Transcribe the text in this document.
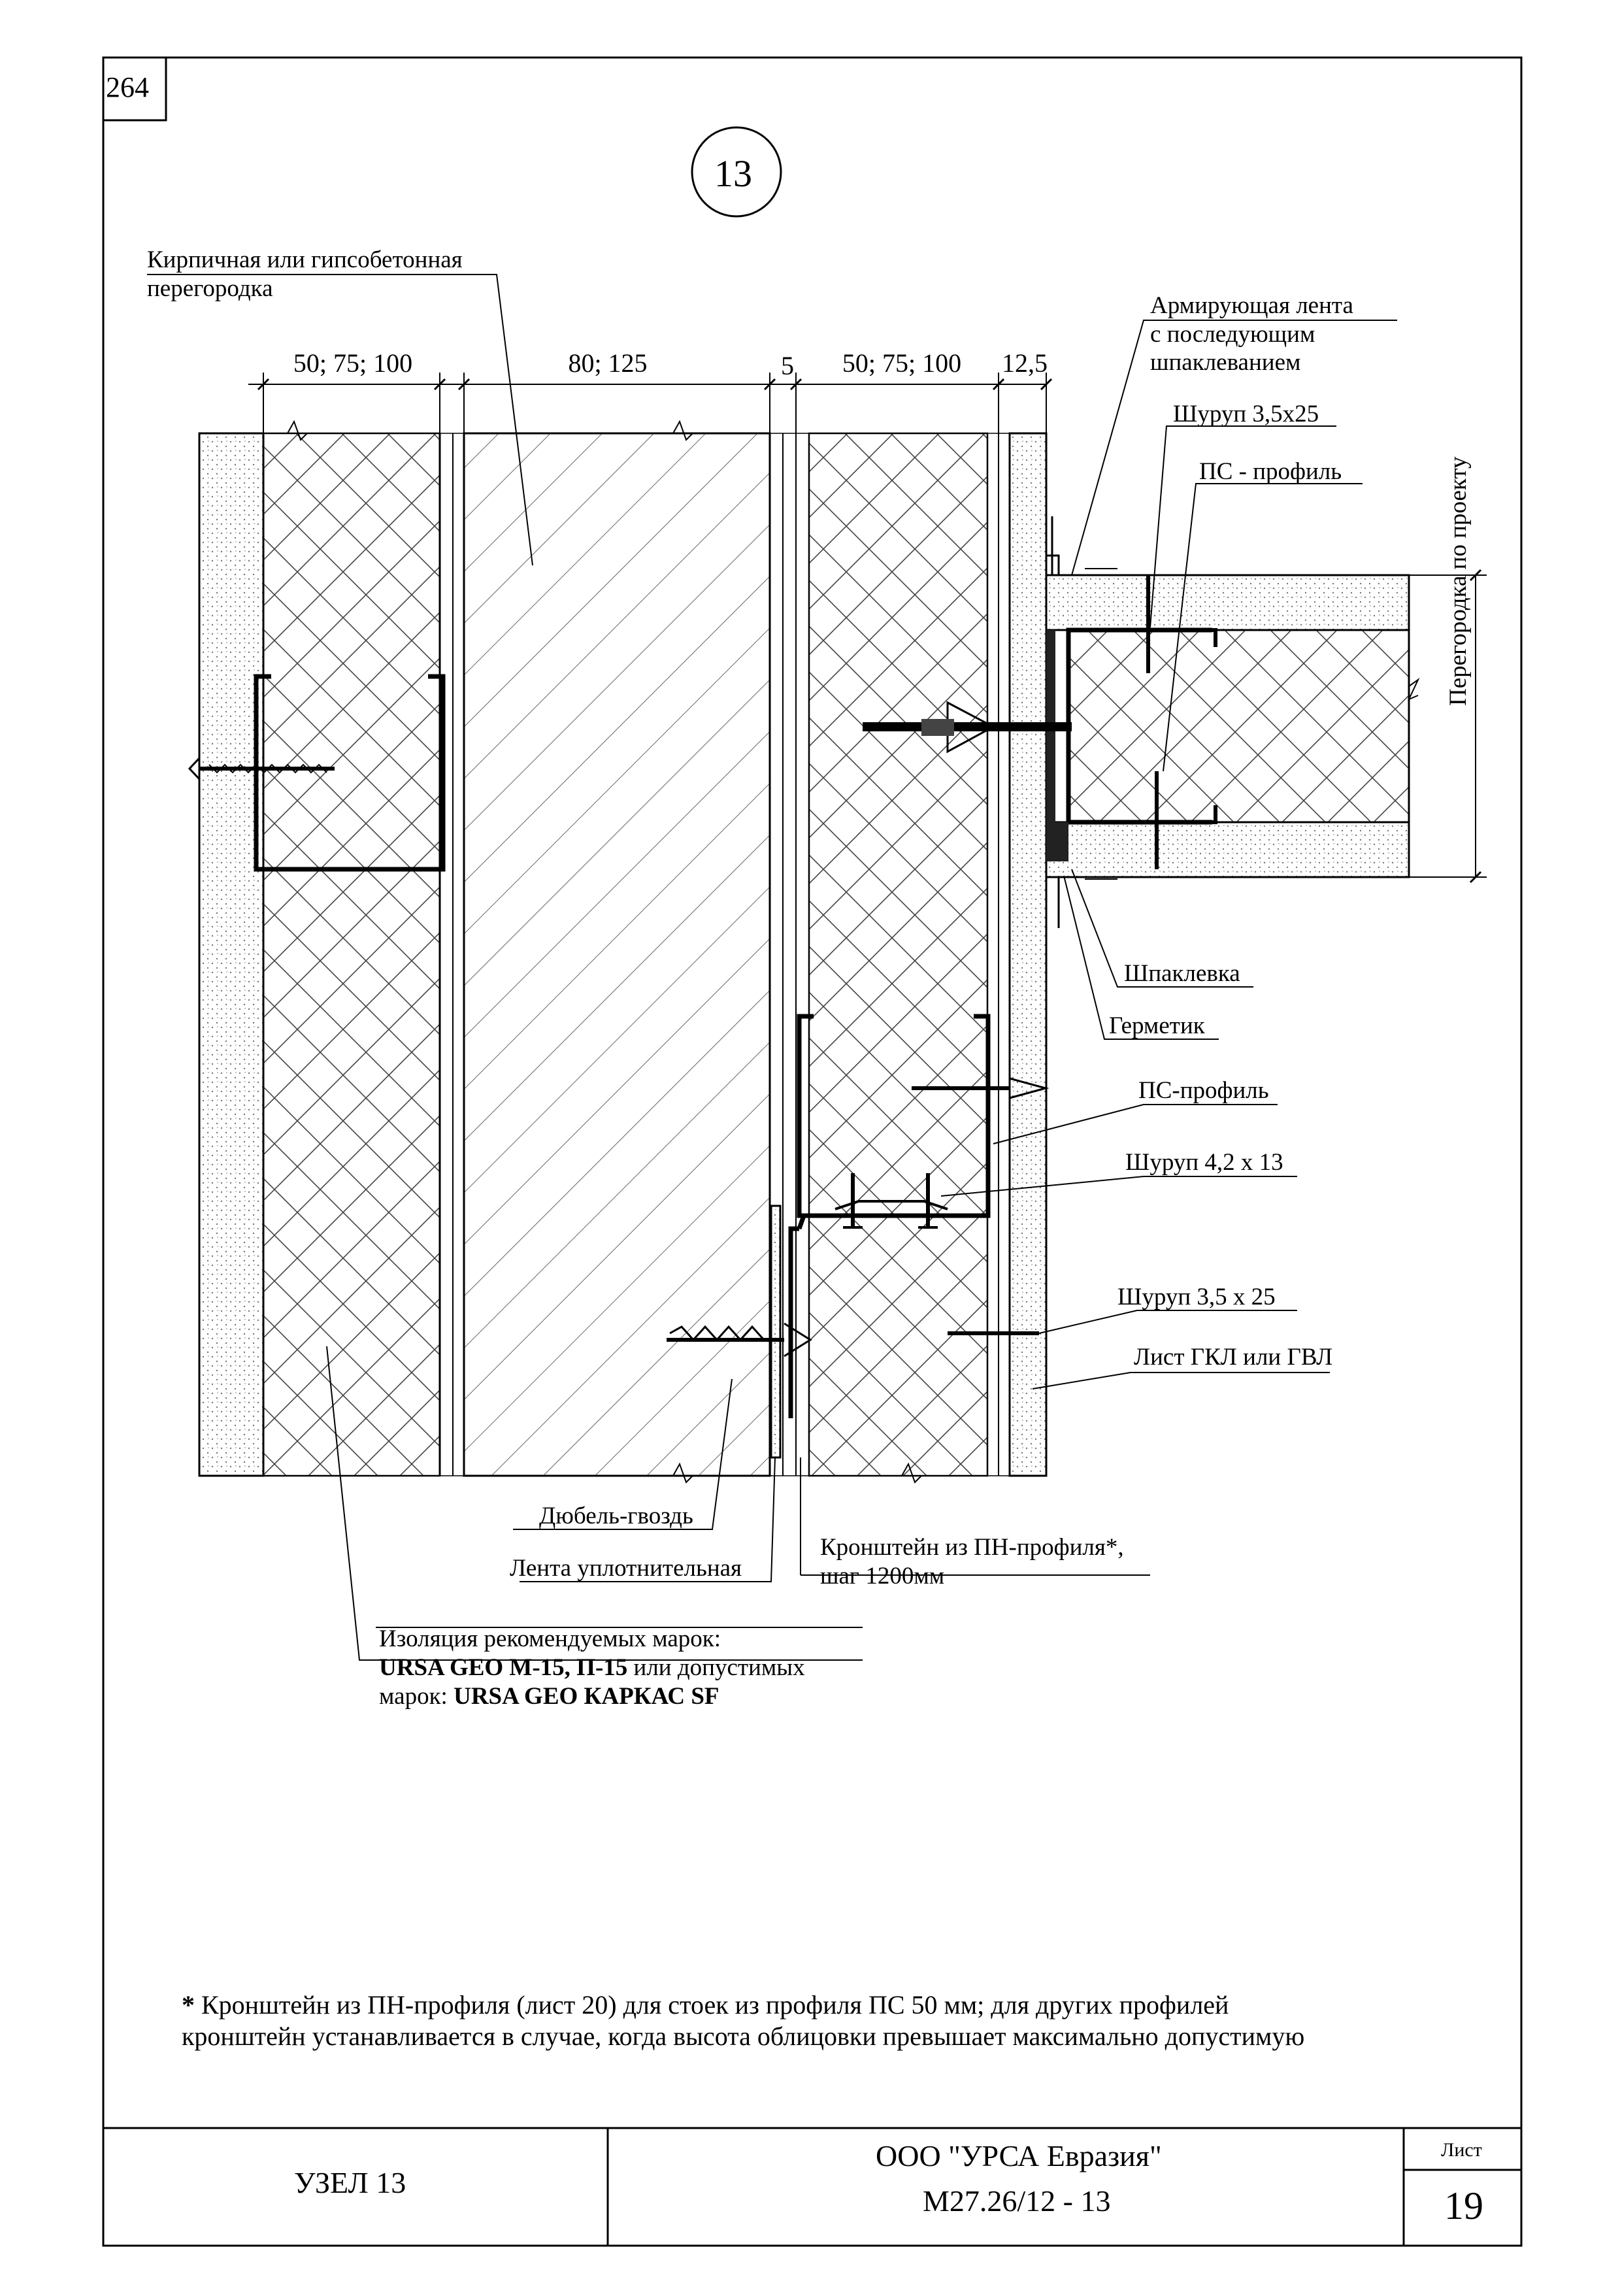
264
13
50; 75; 100	80; 125	5	50; 75; 100	12,5
Кирпичная или гипсобетонная
перегородка
Армирующая лента
с последующим
шпаклеванием
Шуруп 3,5х25
ПС - профиль	Перегородка по проекту
Шпаклевка
Герметик
ПС-профиль
Шуруп 4,2 х 13
Шуруп 3,5 х 25
Лист ГКЛ или ГВЛ
Дюбель-гвоздь
Лента уплотнительная
Кронштейн из ПН-профиля*,
шаг 1200мм
Изоляция рекомендуемых марок:
URSA GEO M-15, П-15 или допустимых
марок: URSA GEO КАРКАС SF
* Кронштейн из ПН-профиля (лист 20) для стоек из профиля ПС 50 мм; для других профилей
кронштейн устанавливается в случае, когда высота облицовки превышает максимально допустимую
УЗЕЛ 13
ООО "УРСА Евразия"
М27.26/12 - 13
Лист
19
